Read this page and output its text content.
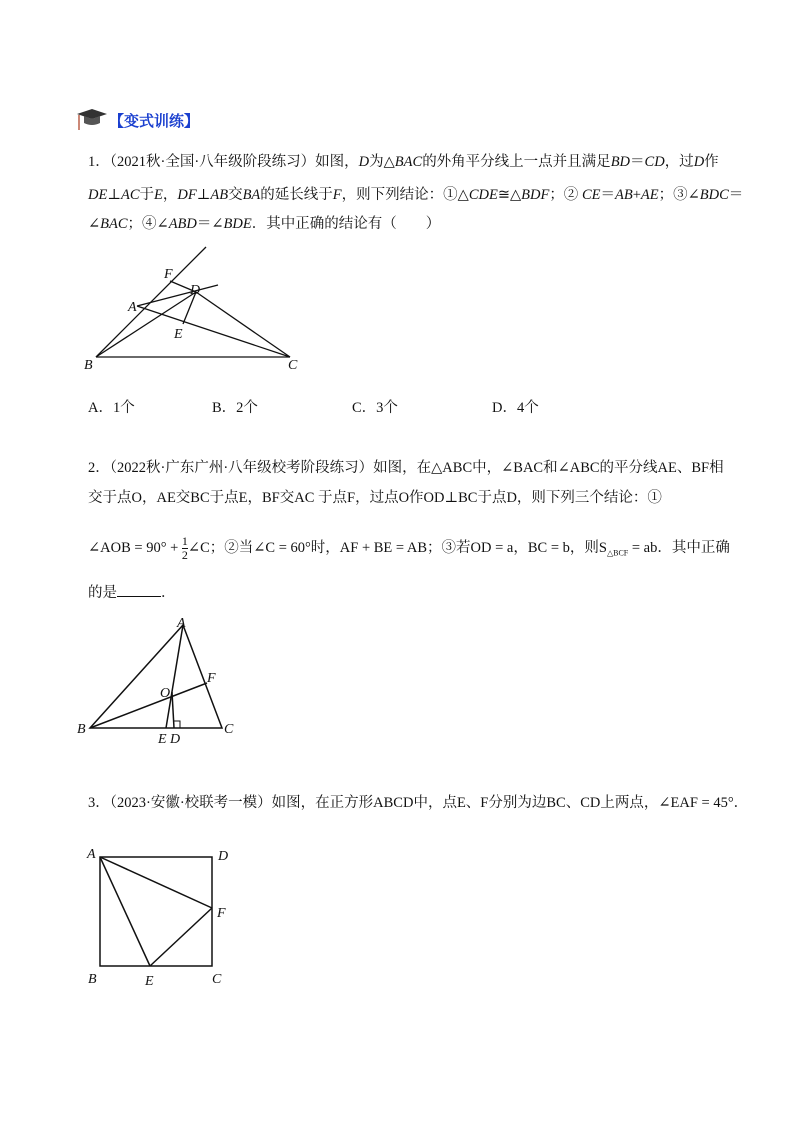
【变式训练】
1．（2021秋·全国·八年级阶段练习）如图，D为△BAC的外角平分线上一点并且满足BD＝CD，过D作
DE⊥AC于E，DF⊥AB交BA的延长线于F，则下列结论：①△CDE≅△BDF；② CE＝AB+AE；③∠BDC＝
∠BAC；④∠ABD＝∠BDE．其中正确的结论有（　　）
F
D
A
E
B	C
A
F
O
B
E D
C
A	D
F
B	E	C
A．1个	B．2个	C．3个	D．4个
2．（2022秋·广东广州·八年级校考阶段练习）如图，在△ABC中，∠BAC和∠ABC的平分线AE、BF相
交于点O，AE交BC于点E，BF交AC 于点F，过点O作OD⊥BC于点D，则下列三个结论：①
∠AOB = $90^\circ + \frac{1}{2}$ ∠C；②当∠C = 60°时，AF + BE = AB；③若OD = a，BC = b，则$S_{\triangle BCF}$ = ab．其中正确
的是	．
3．（2023·安徽·校联考一模）如图，在正方形ABCD中，点E、F分别为边BC、CD上两点，∠EAF = 45°．
